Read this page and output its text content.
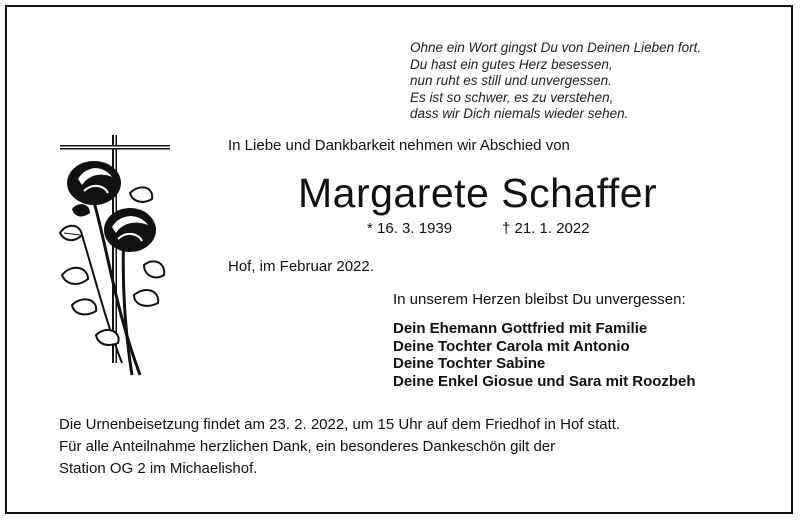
Ohne ein Wort gingst Du von Deinen Lieben fort.
Du hast ein gutes Herz besessen,
nun ruht es still und unvergessen.
Es ist so schwer, es zu verstehen,
dass wir Dich niemals wieder sehen.
In Liebe und Dankbarkeit nehmen wir Abschied von
Margarete Schaffer
* 16. 3. 1939	† 21. 1. 2022
Hof, im Februar 2022.
In unserem Herzen bleibst Du unvergessen:
Dein Ehemann Gottfried mit Familie
Deine Tochter Carola mit Antonio
Deine Tochter Sabine
Deine Enkel Giosue und Sara mit Roozbeh
Die Urnenbeisetzung findet am 23. 2. 2022, um 15 Uhr auf dem Friedhof in Hof statt.
Für alle Anteilnahme herzlichen Dank, ein besonderes Dankeschön gilt der
Station OG 2 im Michaelishof.
